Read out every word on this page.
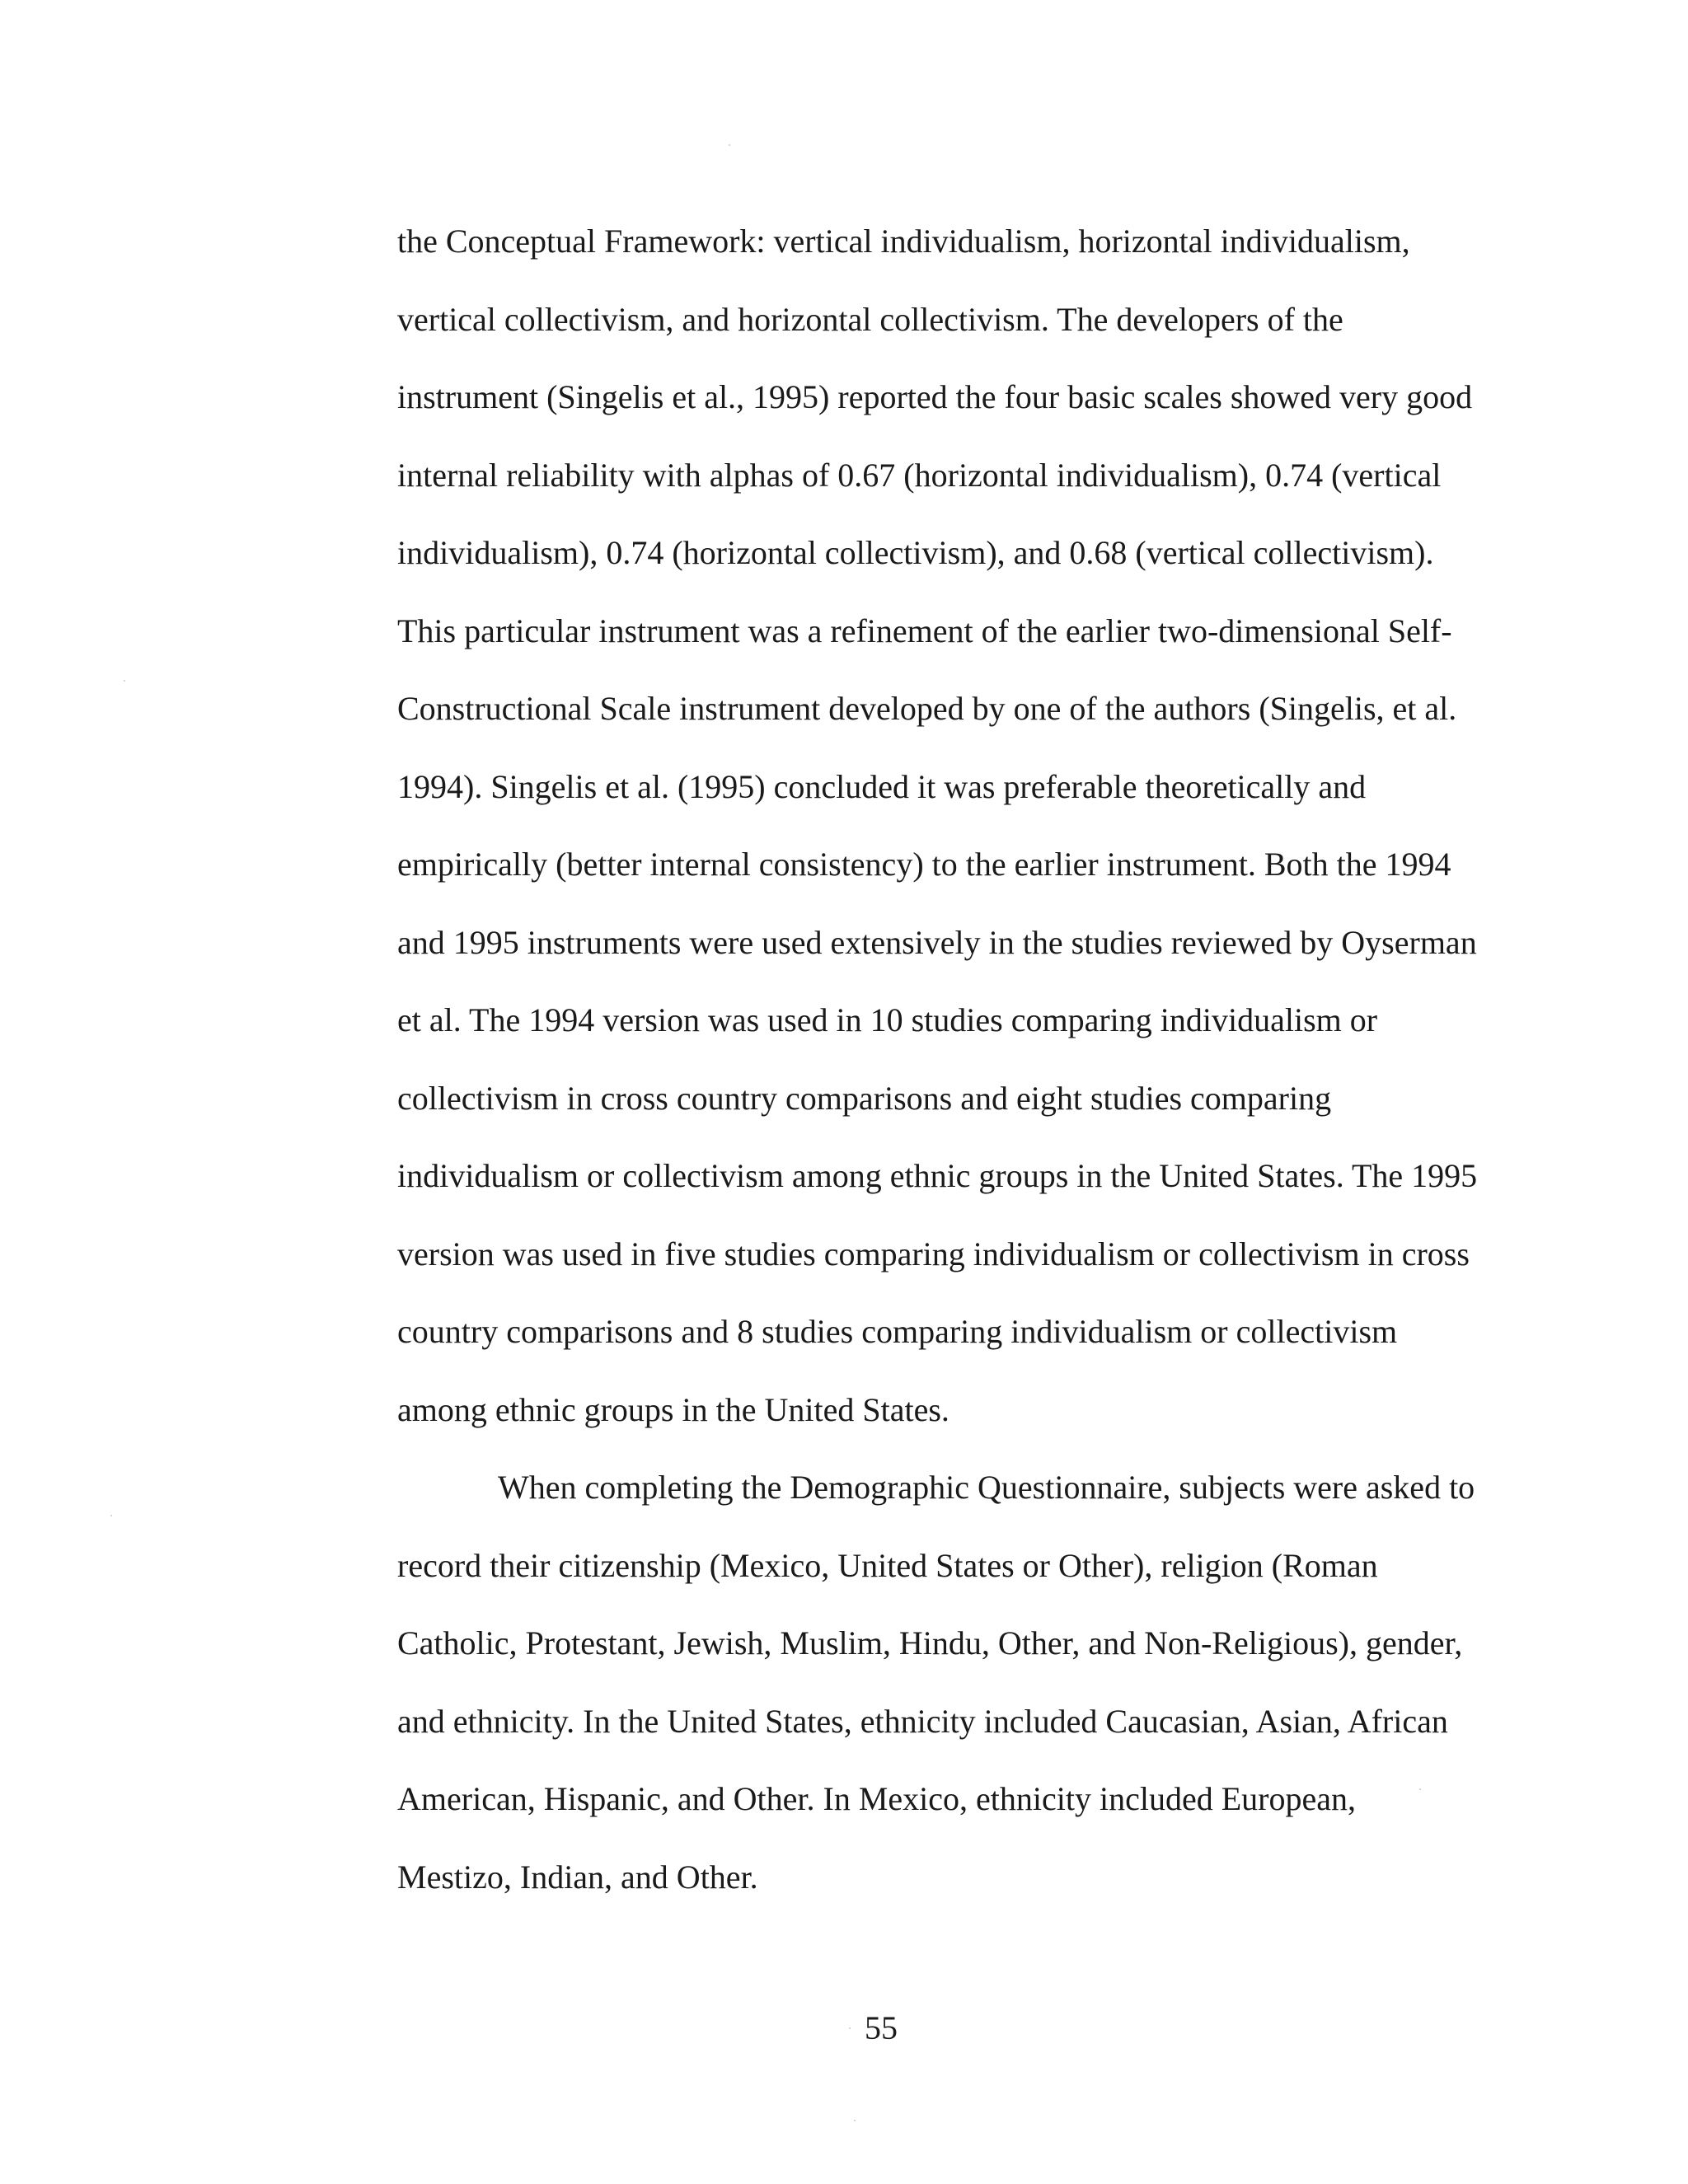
the Conceptual Framework: vertical individualism, horizontal individualism,
vertical collectivism, and horizontal collectivism. The developers of the
instrument (Singelis et al., 1995) reported the four basic scales showed very good
internal reliability with alphas of 0.67 (horizontal individualism), 0.74 (vertical
individualism), 0.74 (horizontal collectivism), and 0.68 (vertical collectivism).
This particular instrument was a refinement of the earlier two-dimensional Self-
Constructional Scale instrument developed by one of the authors (Singelis, et al.
1994). Singelis et al. (1995) concluded it was preferable theoretically and
empirically (better internal consistency) to the earlier instrument. Both the 1994
and 1995 instruments were used extensively in the studies reviewed by Oyserman
et al. The 1994 version was used in 10 studies comparing individualism or
collectivism in cross country comparisons and eight studies comparing
individualism or collectivism among ethnic groups in the United States. The 1995
version was used in five studies comparing individualism or collectivism in cross
country comparisons and 8 studies comparing individualism or collectivism
among ethnic groups in the United States.
When completing the Demographic Questionnaire, subjects were asked to
record their citizenship (Mexico, United States or Other), religion (Roman
Catholic, Protestant, Jewish, Muslim, Hindu, Other, and Non-Religious), gender,
and ethnicity. In the United States, ethnicity included Caucasian, Asian, African
American, Hispanic, and Other. In Mexico, ethnicity included European,
Mestizo, Indian, and Other.
55
